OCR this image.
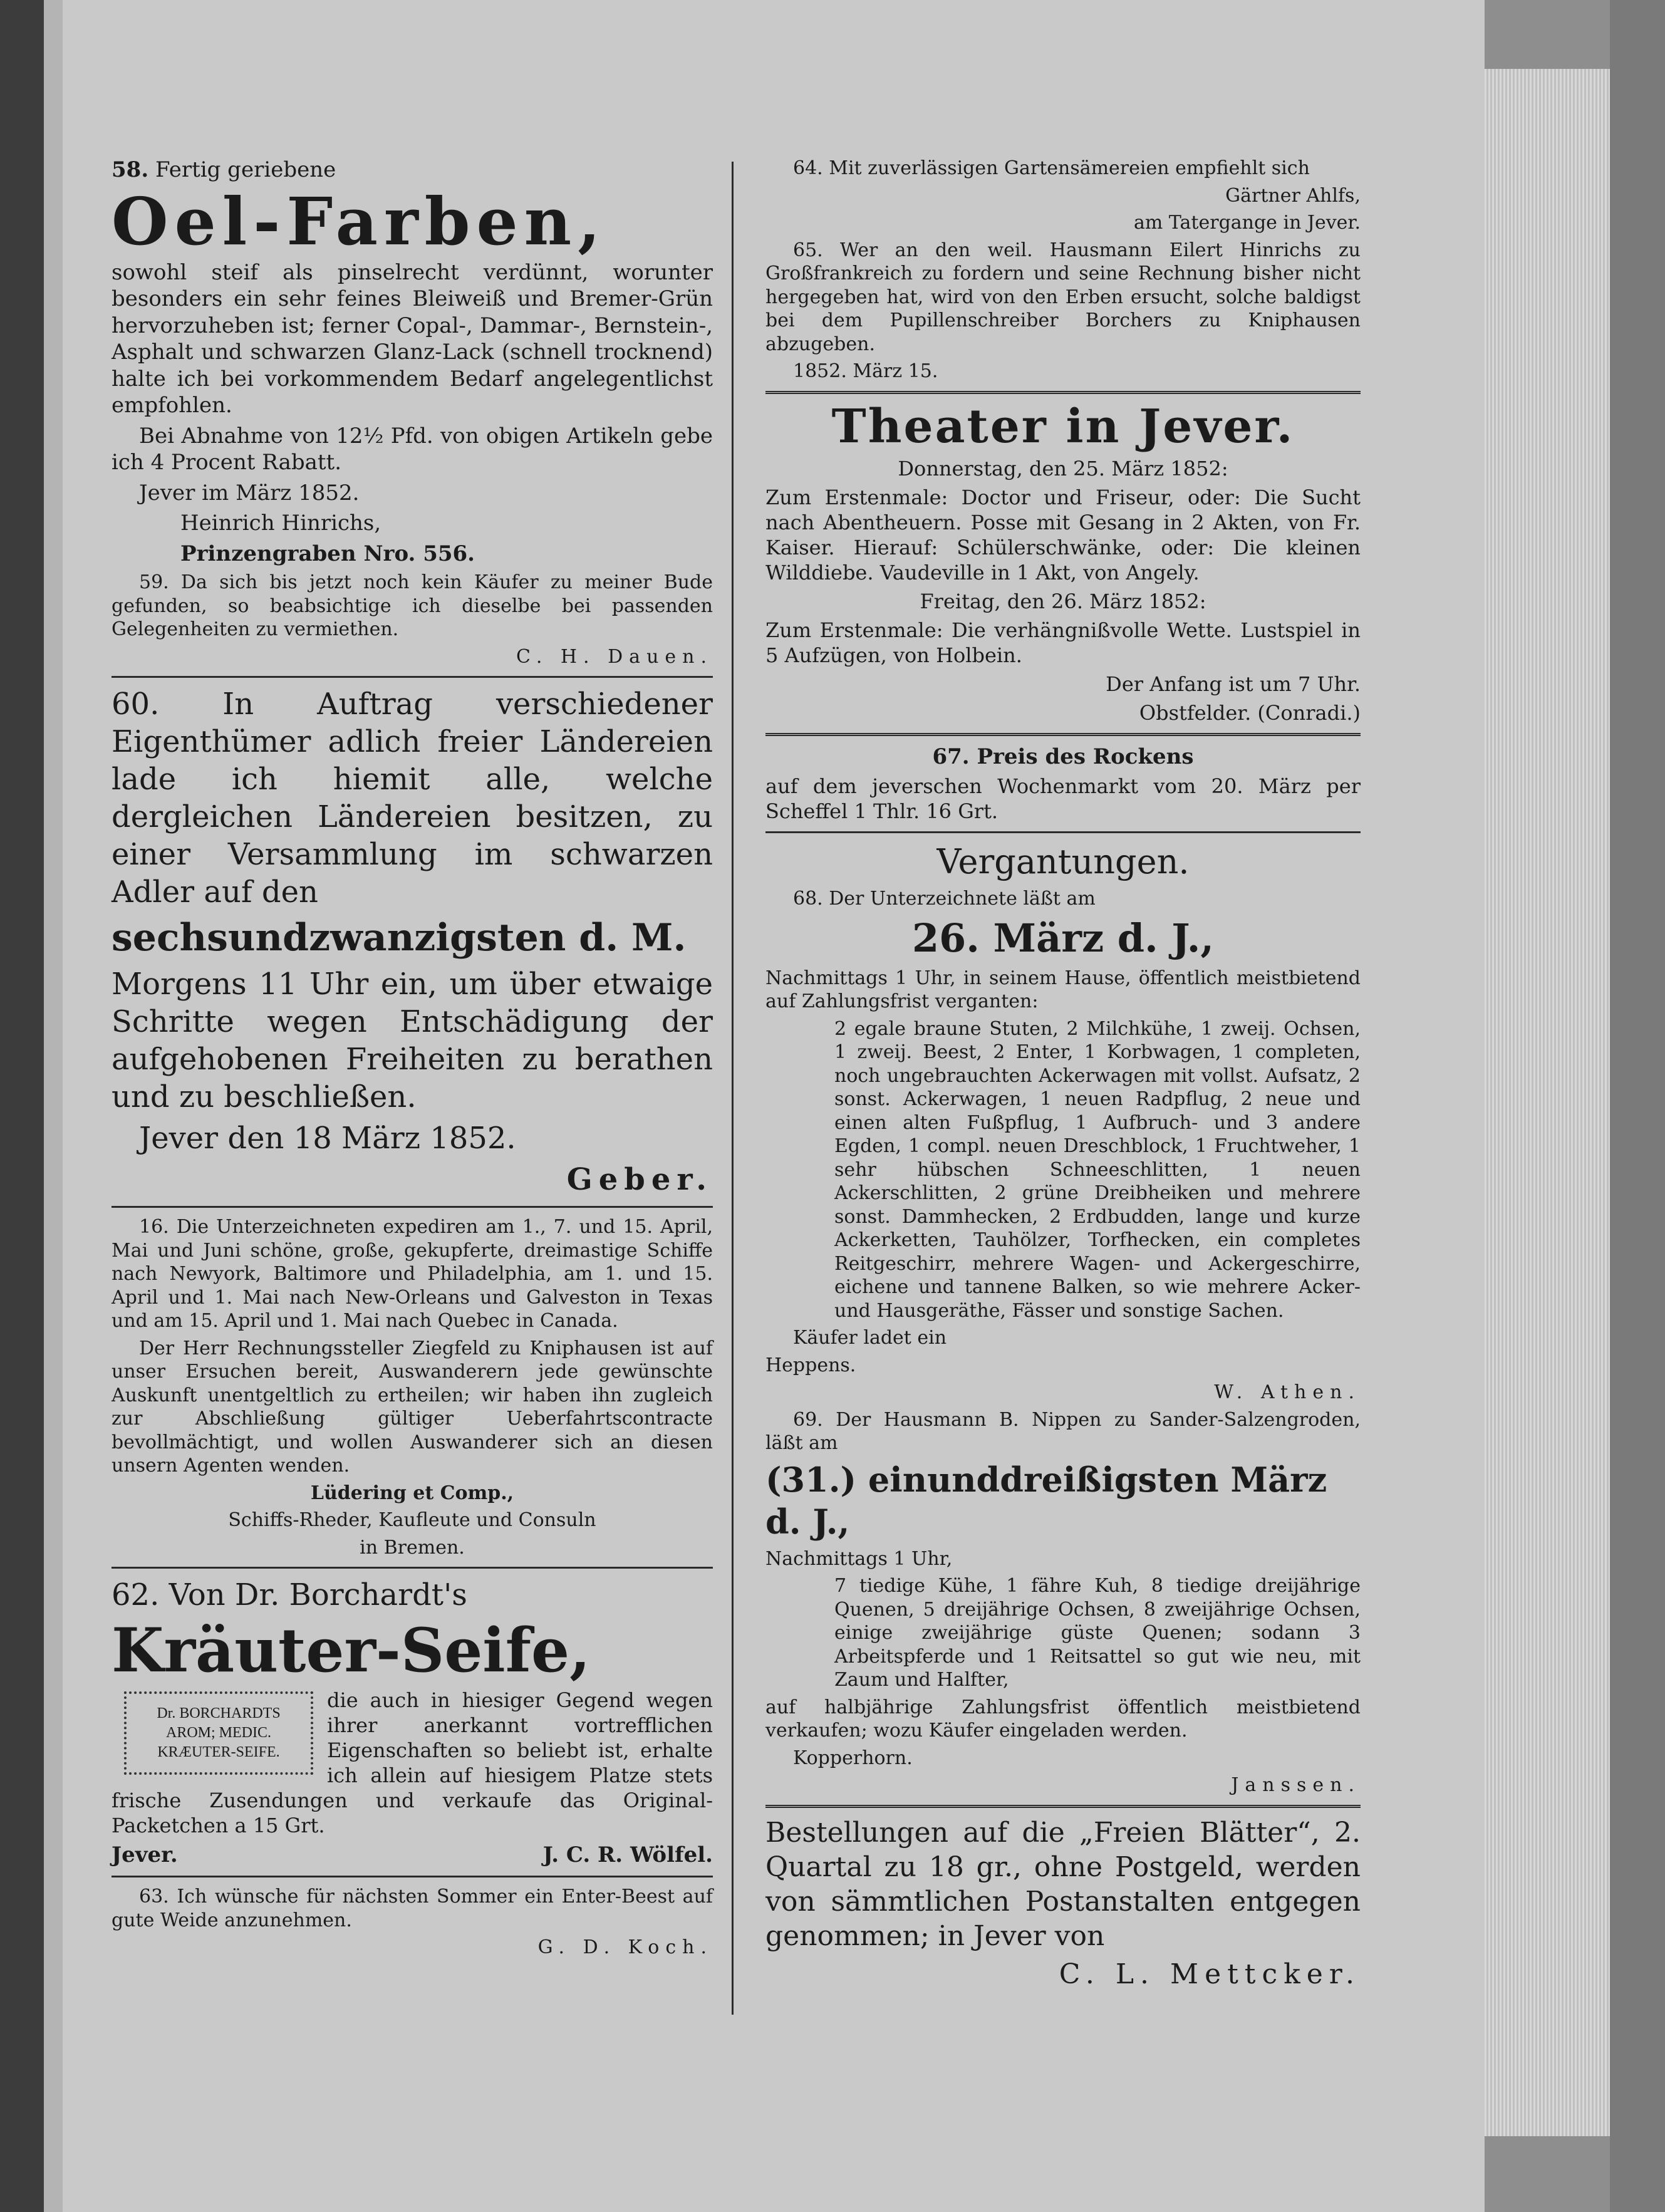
58. Fertig geriebene

Oel-Farben,

sowohl steif als pinselrecht verdünnt, worunter besonders ein sehr feines Bleiweiß und Bremer-Grün hervorzuheben ist; ferner Copal-, Dammar-, Bernstein-, Asphalt und schwarzen Glanz-Lack (schnell trocknend) halte ich bei vorkommendem Bedarf angelegentlichst empfohlen.

Bei Abnahme von 12½ Pfd. von obigen Artikeln gebe ich 4 Procent Rabatt.

Jever im März 1852.

Heinrich Hinrichs,

Prinzengraben Nro. 556.

59. Da sich bis jetzt noch kein Käufer zu meiner Bude gefunden, so beabsichtige ich dieselbe bei passenden Gelegenheiten zu vermiethen.

C. H. Dauen.

60. In Auftrag verschiedener Eigenthümer adlich freier Ländereien lade ich hiemit alle, welche dergleichen Ländereien besitzen, zu einer Versammlung im schwarzen Adler auf den

sechsundzwanzigsten d. M.

Morgens 11 Uhr ein, um über etwaige Schritte wegen Entschädigung der aufgehobenen Freiheiten zu berathen und zu beschließen.

Jever den 18 März 1852.

Geber.

16. Die Unterzeichneten expediren am 1., 7. und 15. April, Mai und Juni schöne, große, gekupferte, dreimastige Schiffe nach Newyork, Baltimore und Philadelphia, am 1. und 15. April und 1. Mai nach New-Orleans und Galveston in Texas und am 15. April und 1. Mai nach Quebec in Canada.

Der Herr Rechnungssteller Ziegfeld zu Kniphausen ist auf unser Ersuchen bereit, Auswanderern jede gewünschte Auskunft unentgeltlich zu ertheilen; wir haben ihn zugleich zur Abschließung gültiger Ueberfahrtscontracte bevollmächtigt, und wollen Auswanderer sich an diesen unsern Agenten wenden.

Lüdering et Comp.,

Schiffs-Rheder, Kaufleute und Consuln

in Bremen.

62. Von Dr. Borchardt's

Kräuter-Seife,

Dr. BORCHARDTS AROM; MEDIC. KRÆUTER-SEIFE.

die auch in hiesiger Gegend wegen ihrer anerkannt vortrefflichen Eigenschaften so beliebt ist, erhalte ich allein auf hiesigem Platze stets frische Zusendungen und verkaufe das Original-Packetchen a 15 Grt.

Jever.	J. C. R. Wölfel.

63. Ich wünsche für nächsten Sommer ein Enter-Beest auf gute Weide anzunehmen.

G. D. Koch.

64. Mit zuverlässigen Gartensämereien empfiehlt sich

Gärtner Ahlfs,

am Tatergange in Jever.

65. Wer an den weil. Hausmann Eilert Hinrichs zu Großfrankreich zu fordern und seine Rechnung bisher nicht hergegeben hat, wird von den Erben ersucht, solche baldigst bei dem Pupillenschreiber Borchers zu Kniphausen abzugeben.

1852. März 15.

Theater in Jever.

Donnerstag, den 25. März 1852:

Zum Erstenmale: Doctor und Friseur, oder: Die Sucht nach Abentheuern. Posse mit Gesang in 2 Akten, von Fr. Kaiser. Hierauf: Schülerschwänke, oder: Die kleinen Wilddiebe. Vaudeville in 1 Akt, von Angely.

Freitag, den 26. März 1852:

Zum Erstenmale: Die verhängnißvolle Wette. Lustspiel in 5 Aufzügen, von Holbein.

Der Anfang ist um 7 Uhr.

Obstfelder. (Conradi.)

67. Preis des Rockens

auf dem jeverschen Wochenmarkt vom 20. März per Scheffel 1 Thlr. 16 Grt.

Vergantungen.

68. Der Unterzeichnete läßt am

26. März d. J.,

Nachmittags 1 Uhr, in seinem Hause, öffentlich meistbietend auf Zahlungsfrist verganten:

2 egale braune Stuten, 2 Milchkühe, 1 zweij. Ochsen, 1 zweij. Beest, 2 Enter, 1 Korbwagen, 1 completen, noch ungebrauchten Ackerwagen mit vollst. Aufsatz, 2 sonst. Ackerwagen, 1 neuen Radpflug, 2 neue und einen alten Fußpflug, 1 Aufbruch- und 3 andere Egden, 1 compl. neuen Dreschblock, 1 Fruchtweher, 1 sehr hübschen Schneeschlitten, 1 neuen Ackerschlitten, 2 grüne Dreibheiken und mehrere sonst. Dammhecken, 2 Erdbudden, lange und kurze Ackerketten, Tauhölzer, Torfhecken, ein completes Reitgeschirr, mehrere Wagen- und Ackergeschirre, eichene und tannene Balken, so wie mehrere Acker- und Hausgeräthe, Fässer und sonstige Sachen.

Käufer ladet ein

Heppens.

W. Athen.

69. Der Hausmann B. Nippen zu Sander-Salzengroden, läßt am

(31.) einunddreißigsten März d. J.,

Nachmittags 1 Uhr,

7 tiedige Kühe, 1 fähre Kuh, 8 tiedige dreijährige Quenen, 5 dreijährige Ochsen, 8 zweijährige Ochsen, einige zweijährige güste Quenen; sodann 3 Arbeitspferde und 1 Reitsattel so gut wie neu, mit Zaum und Halfter,

auf halbjährige Zahlungsfrist öffentlich meistbietend verkaufen; wozu Käufer eingeladen werden.

Kopperhorn.

Janssen.

Bestellungen auf die „Freien Blätter“, 2. Quartal zu 18 gr., ohne Postgeld, werden von sämmtlichen Postanstalten entgegen genommen; in Jever von

C. L. Mettcker.
